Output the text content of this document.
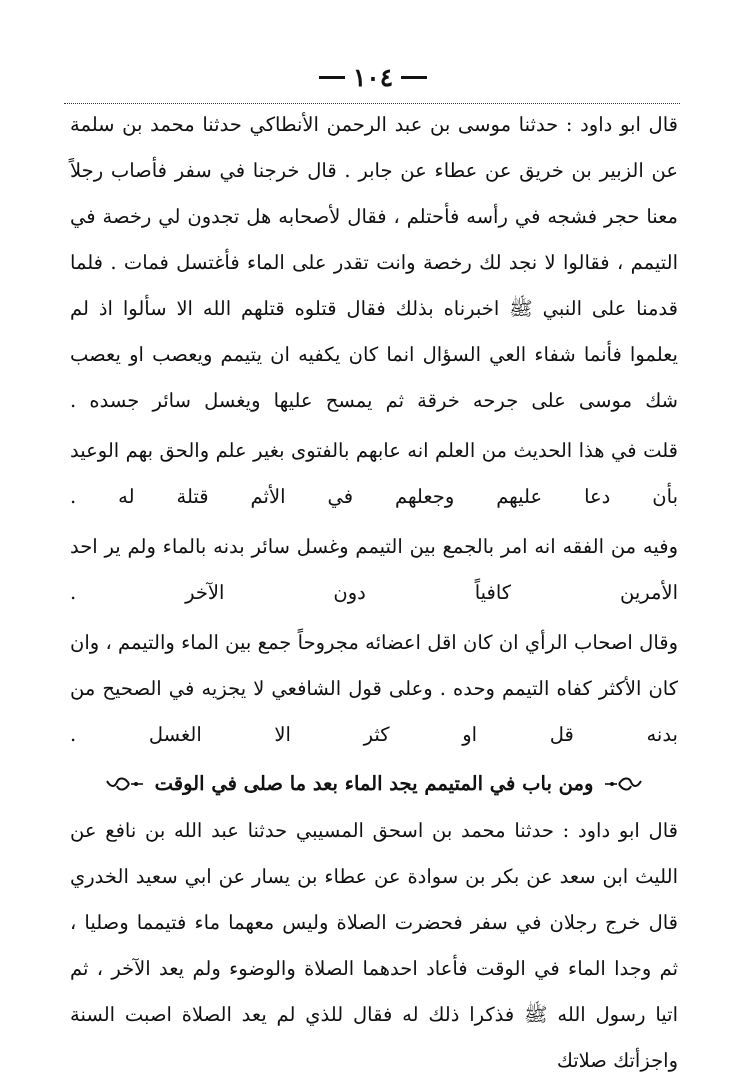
١٠٤

قال ابو داود : حدثنا موسى بن عبد الرحمن الأنطاكي حدثنا محمد بن سلمة عن الزبير بن خريق عن عطاء عن جابر . قال خرجنا في سفر فأصاب رجلاً معنا حجر فشجه في رأسه فأحتلم ، فقال لأصحابه هل تجدون لي رخصة في التيمم ، فقالوا لا نجد لك رخصة وانت تقدر على الماء فأغتسل فمات . فلما قدمنا على النبي ﷺ اخبرناه بذلك فقال قتلوه قتلهم الله الا سألوا اذ لم يعلموا فأنما شفاء العي السؤال انما كان يكفيه ان يتيمم ويعصب او يعصب شك موسى على جرحه خرقة ثم يمسح عليها ويغسل سائر جسده .

قلت في هذا الحديث من العلم انه عابهم بالفتوى بغير علم والحق بهم الوعيد بأن دعا عليهم وجعلهم في الأثم قتلة له .

وفيه من الفقه انه امر بالجمع بين التيمم وغسل سائر بدنه بالماء ولم ير احد الأمرين كافياً دون الآخر .

وقال اصحاب الرأي ان كان اقل اعضائه مجروحاً جمع بين الماء والتيمم ، وان كان الأكثر كفاه التيمم وحده . وعلى قول الشافعي لا يجزيه في الصحيح من بدنه قل او كثر الا الغسل .

ومن باب في المتيمم يجد الماء بعد ما صلى في الوقت

قال ابو داود : حدثنا محمد بن اسحق المسيبي حدثنا عبد الله بن نافع عن الليث ابن سعد عن بكر بن سوادة عن عطاء بن يسار عن ابي سعيد الخدري قال خرج رجلان في سفر فحضرت الصلاة وليس معهما ماء فتيمما وصليا ، ثم وجدا الماء في الوقت فأعاد احدهما الصلاة والوضوء ولم يعد الآخر ، ثم اتيا رسول الله ﷺ فذكرا ذلك له فقال للذي لم يعد الصلاة اصبت السنة واجزأتك صلاتك
